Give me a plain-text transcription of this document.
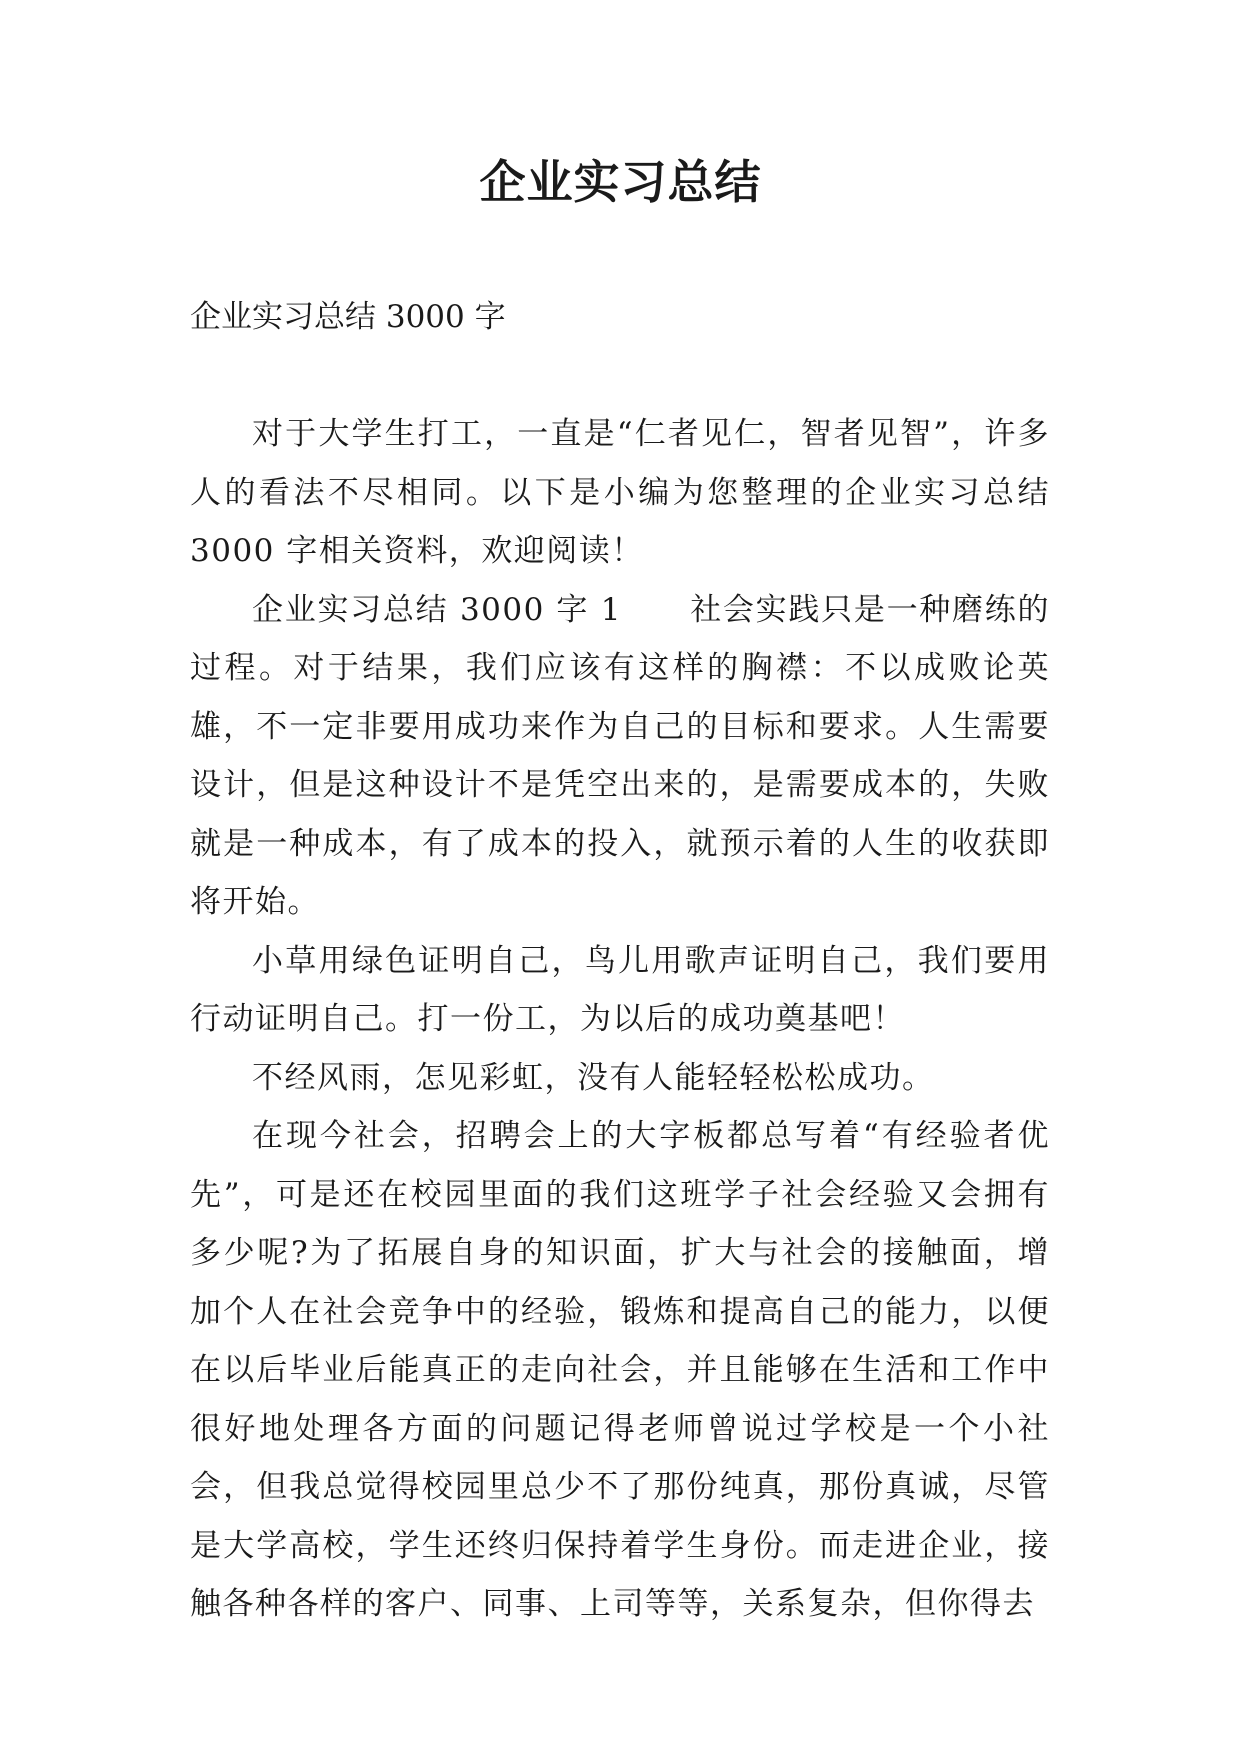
企业实习总结
企业实习总结 3000 字

对于大学生打工，一直是“仁者见仁，智者见智”，许多人的看法不尽相同。以下是小编为您整理的企业实习总结 3000 字相关资料，欢迎阅读！

企业实习总结 3000 字 1 社会实践只是一种磨练的过程。对于结果，我们应该有这样的胸襟：不以成败论英雄，不一定非要用成功来作为自己的目标和要求。人生需要设计，但是这种设计不是凭空出来的，是需要成本的，失败就是一种成本，有了成本的投入，就预示着的人生的收获即将开始。

小草用绿色证明自己，鸟儿用歌声证明自己，我们要用行动证明自己。打一份工，为以后的成功奠基吧！

不经风雨，怎见彩虹，没有人能轻轻松松成功。

在现今社会，招聘会上的大字板都总写着“有经验者优先”，可是还在校园里面的我们这班学子社会经验又会拥有多少呢?为了拓展自身的知识面，扩大与社会的接触面，增加个人在社会竞争中的经验，锻炼和提高自己的能力，以便在以后毕业后能真正的走向社会，并且能够在生活和工作中很好地处理各方面的问题记得老师曾说过学校是一个小社会，但我总觉得校园里总少不了那份纯真，那份真诚，尽管是大学高校，学生还终归保持着学生身份。而走进企业，接触各种各样的客户、同事、上司等等，关系复杂，但你得去
